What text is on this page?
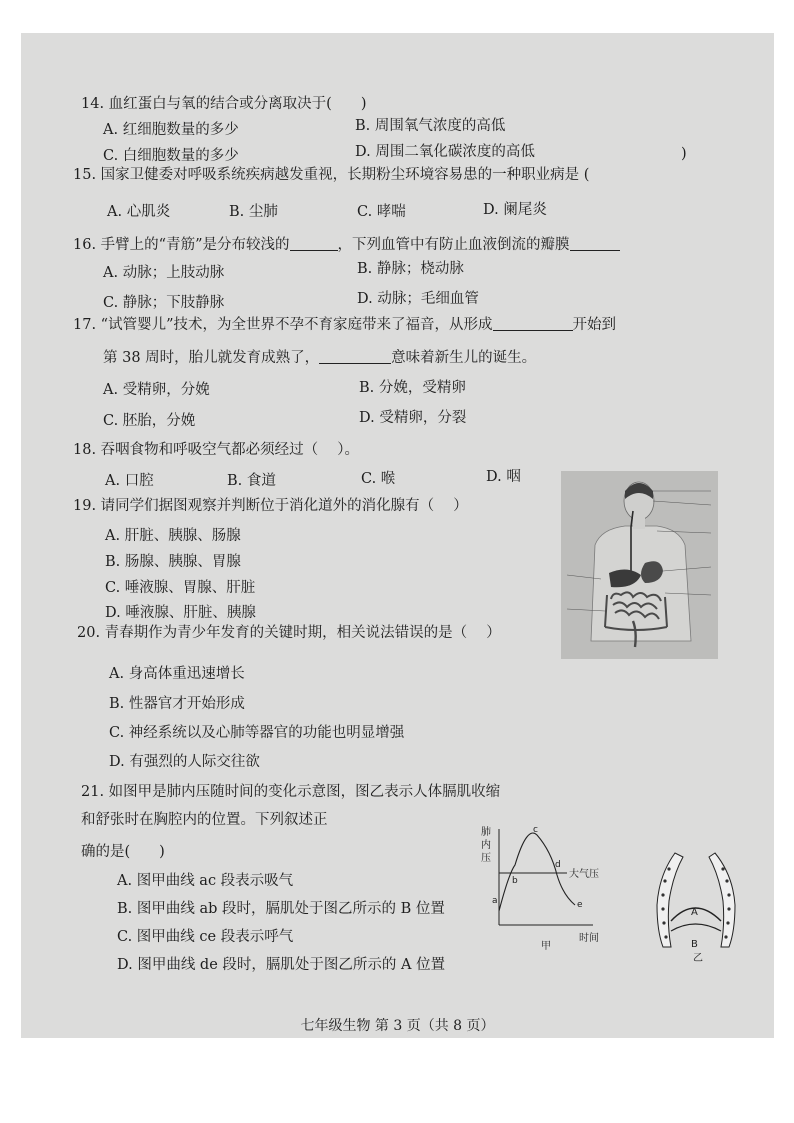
14. 血红蛋白与氧的结合或分离取决于(　　)
A. 红细胞数量的多少	B. 周围氧气浓度的高低
C. 白细胞数量的多少	D. 周围二氧化碳浓度的高低	)
15. 国家卫健委对呼吸系统疾病越发重视，长期粉尘环境容易患的一种职业病是 (
A. 心肌炎	B. 尘肺	C. 哮喘	D. 阑尾炎
16. 手臂上的“青筋”是分布较浅的	，下列血管中有防止血液倒流的瓣膜
A. 动脉；上肢动脉	B. 静脉；桡动脉
C. 静脉；下肢静脉	D. 动脉；毛细血管
17. “试管婴儿”技术，为全世界不孕不育家庭带来了福音，从形成	开始到
第 38 周时，胎儿就发育成熟了，	意味着新生儿的诞生。
A. 受精卵，分娩	B. 分娩，受精卵
C. 胚胎，分娩	D. 受精卵，分裂
18. 吞咽食物和呼吸空气都必须经过（　 ）。
A. 口腔	B. 食道	C. 喉	D. 咽
19. 请同学们据图观察并判断位于消化道外的消化腺有（　 ）
A. 肝脏、胰腺、肠腺
B. 肠腺、胰腺、胃腺
C. 唾液腺、胃腺、肝脏
D. 唾液腺、肝脏、胰腺
20. 青春期作为青少年发育的关键时期，相关说法错误的是（　 ）
A. 身高体重迅速增长
B. 性器官才开始形成
C. 神经系统以及心肺等器官的功能也明显增强
D. 有强烈的人际交往欲
21. 如图甲是肺内压随时间的变化示意图，图乙表示人体膈肌收缩
和舒张时在胸腔内的位置。下列叙述正
确的是(　　)
A. 图甲曲线 ac 段表示吸气
B. 图甲曲线 ab 段时，膈肌处于图乙所示的 B 位置
C. 图甲曲线 ce 段表示呼气
D. 图甲曲线 de 段时，膈肌处于图乙所示的 A 位置
肺
内
压
a
b
c
d
e
大气压
时间
甲
A
B
乙
七年级生物 第 3 页（共 8 页）
